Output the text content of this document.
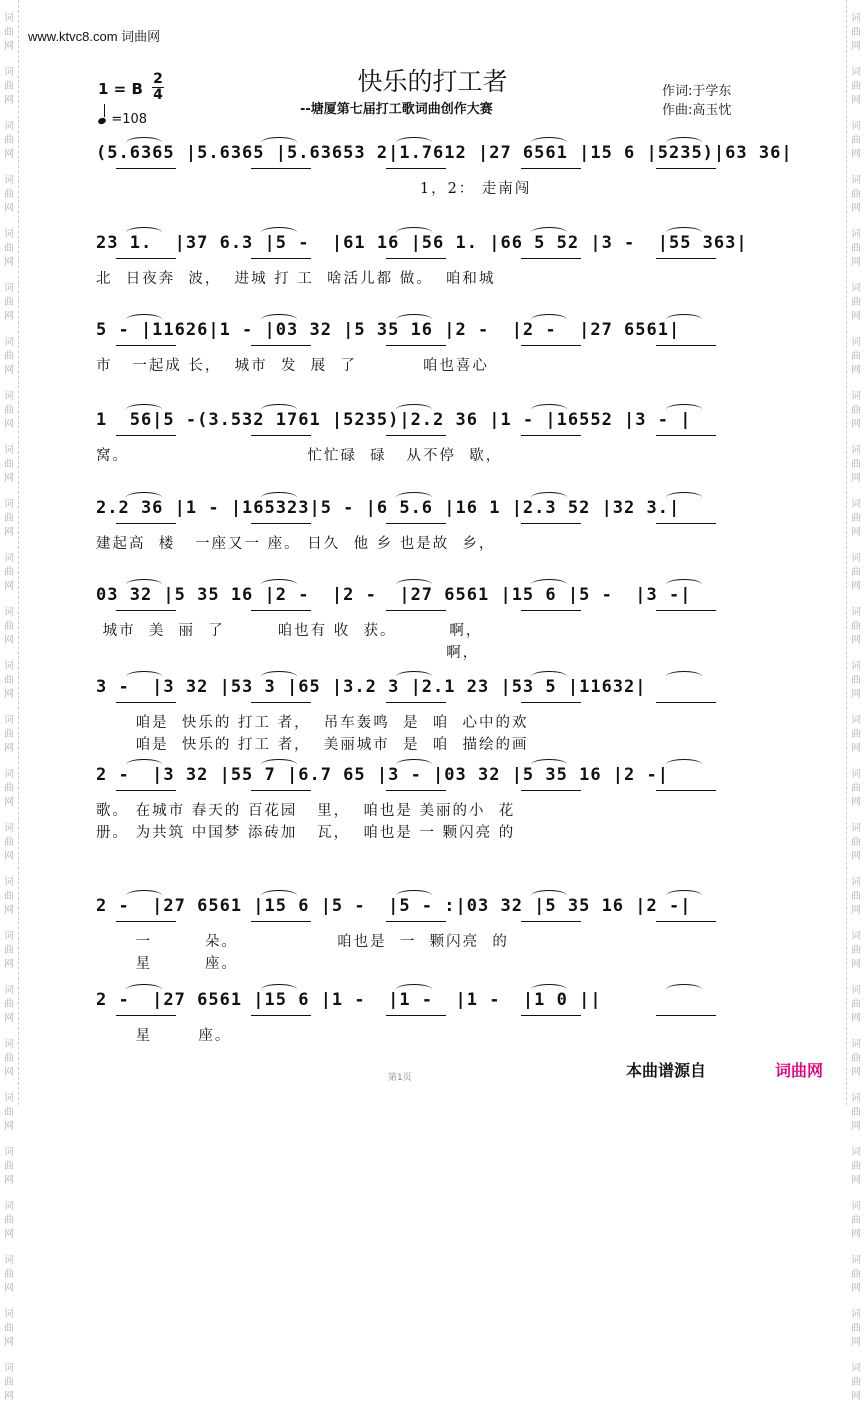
词
曲
网
词
曲
网
词
曲
网
词
曲
网
词
曲
网
词
曲
网
词
曲
网
词
曲
网
词
曲
网
词
曲
网
词
曲
网
词
曲
网
词
曲
网
词
曲
网
词
曲
网
词
曲
网
词
曲
网
词
曲
网
词
曲
网
词
曲
网
词
曲
网
词
曲
网
词
曲
网
词
曲
网
词
曲
网
词
曲
网
词
曲
网
词
曲
网
词
曲
网
词
曲
网
词
曲
网
词
曲
网
词
曲
网
词
曲
网
词
曲
网
词
曲
网
词
曲
网
词
曲
网
词
曲
网
词
曲
网
词
曲
网
词
曲
网
词
曲
网
词
曲
网
词
曲
网
词
曲
网
词
曲
网
词
曲
网
词
曲
网
词
曲
网
词
曲
网
词
曲
网
www.ktvc8.com 词曲网
快乐的打工者
--塘厦第七届打工歌词曲创作大赛
作词:于学东
作曲:高玉忱
1 = B
2
4
=108
(5.6365 |5.6365 |5.63653 2|1.7612 |27 6561 |15 6 |5235)|63 36|
1，2： 走南闯
23 1.  |37 6.3 |5 -  |61 16 |56 1. |66 5 52 |3 -  |55 363|
北  日夜奔  波，  进城 打 工  啥活儿都 做。  咱和城
5 - |11626|1 - |03 32 |5 35 16 |2 -  |2 -  |27 6561|
市   一起成 长，  城市  发  展  了          咱也喜心
1  56|5 -(3.532 1761 |5235)|2.2 36 |1 - |16552 |3 - |
窝。                           忙忙碌  碌   从不停  歇，
2.2 36 |1 - |165323|5 - |6 5.6 |16 1 |2.3 52 |32 3.|
建起高  楼   一座又一 座。 日久  他 乡 也是故  乡，
03 32 |5 35 16 |2 -  |2 -  |27 6561 |15 6 |5 -  |3 -|
城市  美  丽  了        咱也有 收  获。        啊，
啊，
3 -  |3 32 |53 3 |65 |3.2 3 |2.1 23 |53 5 |11632|
咱是  快乐的 打工 者，  吊车轰鸣  是  咱  心中的欢
咱是  快乐的 打工 者，  美丽城市  是  咱  描绘的画
2 -  |3 32 |55 7 |6.7 65 |3 - |03 32 |5 35 16 |2 -|
歌。 在城市 春天的 百花园   里，  咱也是 美丽的小  花
册。 为共筑 中国梦 添砖加   瓦，  咱也是 一 颗闪亮 的
2 -  |27 6561 |15 6 |5 -  |5 - :|03 32 |5 35 16 |2 -|
一        朵。               咱也是  一  颗闪亮  的
星        座。
2 -  |27 6561 |15 6 |1 -  |1 -  |1 -  |1 0 ||
星       座。
第1页	本曲谱源自	词曲网
